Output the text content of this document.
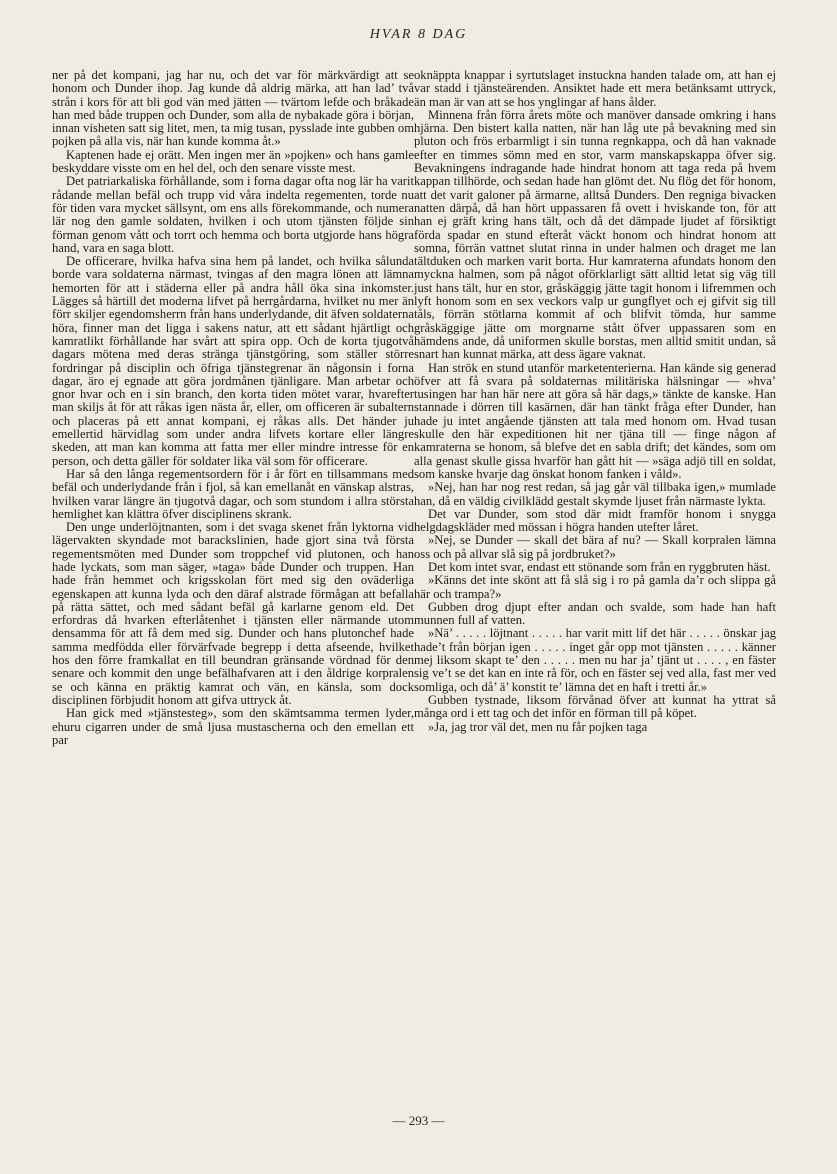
HVAR 8 DAG

ner på det kompani, jag har nu, och det var för märkvärdigt att se honom och Dunder ihop. Jag kunde då aldrig märka, att han lad’ två strån i kors för att bli god vän med jätten — tvärtom lefde och bråkade han med både truppen och Dunder, som alla de nybakade göra i början, innan visheten satt sig litet, men, ta mig tusan, pysslade inte gubben om pojken på alla vis, när han kunde komma åt.»

Kaptenen hade ej orätt. Men ingen mer än »pojken» och hans gamle beskyddare visste om en hel del, och den senare visste mest.

Det patriarkaliska förhållande, som i forna dagar ofta nog lär ha varit rådande mellan befäl och trupp vid våra indelta regementen, torde nu för tiden vara mycket sällsynt, om ens alls förekommande, och numera lär nog den gamle soldaten, hvilken i och utom tjänsten följde sin förman genom vått och torrt och hemma och borta utgjorde hans högra hand, vara en saga blott.

De officerare, hvilka hafva sina hem på landet, och hvilka sålunda borde vara soldaterna närmast, tvingas af den magra lönen att lämna hemorten för att i städerna eller på andra håll öka sina inkomster. Lägges så härtill det moderna lifvet på herrgårdarna, hvilket nu mer än förr skiljer egendomsherrn från hans underlydande, dit äfven soldaterna höra, finner man det ligga i sakens natur, att ett sådant hjärtligt och kamratlikt förhållande har svårt att spira opp. Och de korta tjugotvå dagars mötena med deras stränga tjänstgöring, som ställer större fordringar på disciplin och öfriga tjänstegrenar än någonsin i forna dagar, äro ej egnade att göra jordmånen tjänligare. Man arbetar och gnor hvar och en i sin branch, den korta tiden mötet varar, hvarefter man skiljs åt för att råkas igen nästa år, eller, om officeren är subaltern och placeras på ett annat kompani, ej råkas alls. Det händer ju emellertid härvidlag som under andra lifvets kortare eller längre skeden, att man kan komma att fatta mer eller mindre intresse för en person, och detta gäller för soldater lika väl som för officerare.

Har så den långa regementsordern för i år fört en tillsammans med befäl och underlydande från i fjol, så kan emellanåt en vänskap alstras, hvilken varar längre än tjugotvå dagar, och som stundom i allra största hemlighet kan klättra öfver disciplinens skrank.

Den unge underlöjtnanten, som i det svaga skenet från lyktorna vid lägervakten skyndade mot barackslinien, hade gjort sina två första regementsmöten med Dunder som troppchef vid plutonen, och han hade lyckats, som man säger, »taga» både Dunder och truppen. Han hade från hemmet och krigsskolan fört med sig den oväderliga egenskapen att kunna lyda och den däraf alstrade förmågan att befalla på rätta sättet, och med sådant befäl gå karlarne genom eld. Det erfordras då hvarken efterlåtenhet i tjänsten eller närmande utom densamma för att få dem med sig. Dunder och hans plutonchef hade samma medfödda eller förvärfvade begrepp i detta afseende, hvilket hos den förre framkallat en till beundran gränsande vördnad för den senare och kommit den unge befälhafvaren att i den åldrige korpralen se och känna en präktig kamrat och vän, en känsla, som dock disciplinen förbjudit honom att gifva uttryck åt.

Han gick med »tjänstesteg», som den skämtsamma termen lyder, ehuru cigarren under de små ljusa mustascherna och den emellan ett par

oknäppta knappar i syrtutslaget instuckna handen talade om, att han ej var stadd i tjänsteärenden. Ansiktet hade ett mera betänksamt uttryck, än man är van att se hos ynglingar af hans ålder.

Minnena från förra årets möte och manöver dansade omkring i hans hjärna. Den bistert kalla natten, när han låg ute på bevakning med sin pluton och frös erbarmligt i sin tunna regnkappa, och då han vaknade efter en timmes sömn med en stor, varm manskapskappa öfver sig. Bevakningens indragande hade hindrat honom att taga reda på hvem kappan tillhörde, och sedan hade han glömt det. Nu flög det för honom, att det varit galoner på ärmarne, alltså Dunders. Den regniga bivacken natten därpå, då han hört uppassaren få ovett i hviskande ton, för att han ej gräft kring hans tält, och då det dämpade ljudet af försiktigt förda spadar en stund efteråt väckt honom och hindrat honom att somna, förrän vattnet slutat rinna in under halmen och draget me lan tältduken och marken varit borta. Hur kamraterna afundats honom den myckna halmen, som på något oförklarligt sätt alltid letat sig väg till just hans tält, hur en stor, gråskäggig jätte tagit honom i lifremmen och lyft honom som en sex veckors valp ur gungflyet och ej gifvit sig till tåls, förrän stötlarna kommit af och blifvit tömda, hur samme gråskäggige jätte om morgnarne stått öfver uppassaren som en hämdens ande, då uniformen skulle borstas, men alltid smitit undan, så snart han kunnat märka, att dess ägare vaknat.

Han strök en stund utanför marketenterierna. Han kände sig generad öfver att få svara på soldaternas militäriska hälsningar — »hva’ tusingen har han här nere att göra så här dags,» tänkte de kanske. Han stannade i dörren till kasärnen, där han tänkt fråga efter Dunder, han hade ju intet angående tjänsten att tala med honom om. Hvad tusan skulle den här expeditionen hit ner tjäna till — finge någon af kamraterna se honom, så blefve det en sabla drift; det kändes, som om alla genast skulle gissa hvarför han gått hit — »säga adjö till en soldat, som kanske hvarje dag önskat honom fanken i våld».

»Nej, han har nog rest redan, så jag går väl tillbaka igen,» mumlade han, då en väldig civilklädd gestalt skymde ljuset från närmaste lykta.

Det var Dunder, som stod där midt framför honom i snygga helgdagskläder med mössan i högra handen utefter låret.

»Nej, se Dunder — skall det bära af nu? — Skall korpralen lämna oss och på allvar slå sig på jordbruket?»

Det kom intet svar, endast ett stönande som från en ryggbruten häst.

»Känns det inte skönt att få slå sig i ro på gamla da’r och slippa gå här och trampa?»

Gubben drog djupt efter andan och svalde, som hade han haft munnen full af vatten.

»Nä’ . . . . . löjtnant . . . . . har varit mitt lif det här . . . . . önskar jag hade’t från början igen . . . . . inget går opp mot tjänsten . . . . . känner mej liksom skapt te’ den . . . . . men nu har ja’ tjänt ut . . . . , en fäster sig ve’t se det kan en inte rå för, och en fäster sej ved alla, fast mer ved somliga, och då’ ä’ konstit te’ lämna det en haft i tretti år.»

Gubben tystnade, liksom förvånad öfver att kunnat ha yttrat så många ord i ett tag och det inför en förman till på köpet.

»Ja, jag tror väl det, men nu får pojken taga

— 293 —
